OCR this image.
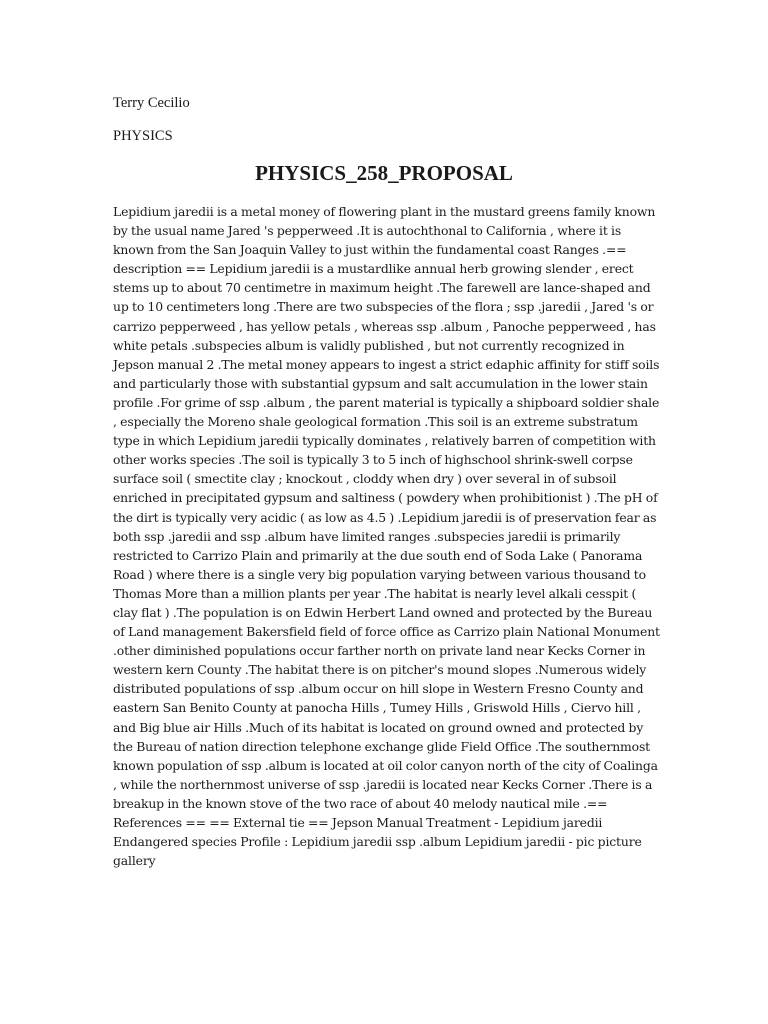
Terry Cecilio
PHYSICS
PHYSICS_258_PROPOSAL

Lepidium jaredii is a metal money of flowering plant in the mustard greens family known by the usual name Jared 's pepperweed .It is autochthonal to California , where it is known from the San Joaquin Valley to just within the fundamental coast Ranges .== description == Lepidium jaredii is a mustardlike annual herb growing slender , erect stems up to about 70 centimetre in maximum height .The farewell are lance-shaped and up to 10 centimeters long .There are two subspecies of the flora ; ssp .jaredii , Jared 's or carrizo pepperweed , has yellow petals , whereas ssp .album , Panoche pepperweed , has white petals .subspecies album is validly published , but not currently recognized in Jepson manual 2 .The metal money appears to ingest a strict edaphic affinity for stiff soils and particularly those with substantial gypsum and salt accumulation in the lower stain profile .For grime of ssp .album , the parent material is typically a shipboard soldier shale , especially the Moreno shale geological formation .This soil is an extreme substratum type in which Lepidium jaredii typically dominates , relatively barren of competition with other works species .The soil is typically 3 to 5 inch of highschool shrink-swell corpse surface soil ( smectite clay ; knockout , cloddy when dry ) over several in of subsoil enriched in precipitated gypsum and saltiness ( powdery when prohibitionist ) .The pH of the dirt is typically very acidic ( as low as 4.5 ) .Lepidium jaredii is of preservation fear as both ssp .jaredii and ssp .album have limited ranges .subspecies jaredii is primarily restricted to Carrizo Plain and primarily at the due south end of Soda Lake ( Panorama Road ) where there is a single very big population varying between various thousand to Thomas More than a million plants per year .The habitat is nearly level alkali cesspit ( clay flat ) .The population is on Edwin Herbert Land owned and protected by the Bureau of Land management Bakersfield field of force office as Carrizo plain National Monument .other diminished populations occur farther north on private land near Kecks Corner in western kern County .The habitat there is on pitcher's mound slopes .Numerous widely distributed populations of ssp .album occur on hill slope in Western Fresno County and eastern San Benito County at panocha Hills , Tumey Hills , Griswold Hills , Ciervo hill , and Big blue air Hills .Much of its habitat is located on ground owned and protected by the Bureau of nation direction telephone exchange glide Field Office .The southernmost known population of ssp .album is located at oil color canyon north of the city of Coalinga , while the northernmost universe of ssp .jaredii is located near Kecks Corner .There is a breakup in the known stove of the two race of about 40 melody nautical mile .== References == == External tie == Jepson Manual Treatment - Lepidium jaredii Endangered species Profile : Lepidium jaredii ssp .album Lepidium jaredii - pic picture gallery
